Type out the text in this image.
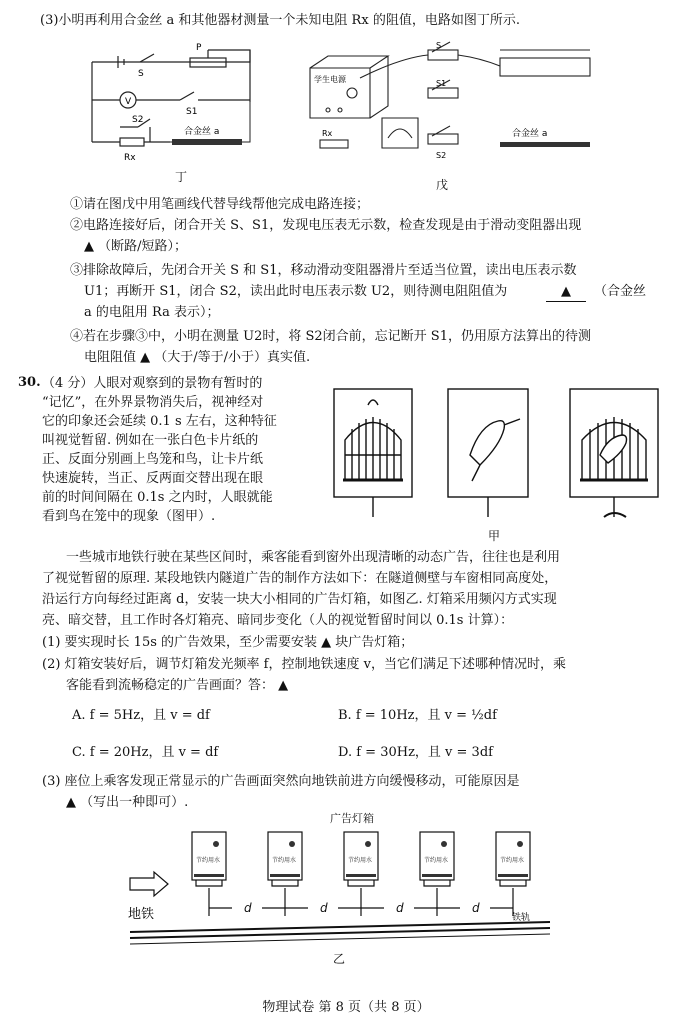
(3)小明再利用合金丝 a 和其他器材测量一个未知电阻 Rx 的阻值，电路如图丁所示.
P
S
V
S1
S2
Rx
合金丝 a
丁
学生电源
S
S1
S2
Rx	合金丝 a
戊
①请在图戊中用笔画线代替导线帮他完成电路连接；
②电路连接好后，闭合开关 S、S1，发现电压表无示数，检查发现是由于滑动变阻器出现
▲ （断路/短路）；
③排除故障后，先闭合开关 S 和 S1，移动滑动变阻器滑片至适当位置，读出电压表示数
U1；再断开 S1，闭合 S2，读出此时电压表示数 U2，则待测电阻阻值为	▲	（合金丝
a 的电阻用 Ra 表示）；
④若在步骤③中，小明在测量 U2时，将 S2闭合前，忘记断开 S1，仍用原方法算出的待测
电阻阻值 ▲ （大于/等于/小于）真实值.
30. （4 分）人眼对观察到的景物有暂时的
“记忆”，在外界景物消失后，视神经对
它的印象还会延续 0.1 s 左右，这种特征
叫视觉暂留. 例如在一张白色卡片纸的
正、反面分别画上鸟笼和鸟，让卡片纸
快速旋转，当正、反两面交替出现在眼
前的时间间隔在 0.1s 之内时，人眼就能
看到鸟在笼中的现象（图甲）.
甲
一些城市地铁行驶在某些区间时，乘客能看到窗外出现清晰的动态广告，往往也是利用
了视觉暂留的原理. 某段地铁内隧道广告的制作方法如下：在隧道侧壁与车窗相同高度处，
沿运行方向每经过距离 d，安装一块大小相同的广告灯箱，如图乙. 灯箱采用频闪方式实现
亮、暗交替，且工作时各灯箱亮、暗同步变化（人的视觉暂留时间以 0.1s 计算）：
(1) 要实现时长 15s 的广告效果，至少需要安装 ▲ 块广告灯箱；
(2) 灯箱安装好后，调节灯箱发光频率 f，控制地铁速度 v，当它们满足下述哪种情况时，乘
客能看到流畅稳定的广告画面？答： ▲
A. f = 5Hz，且 v = df	B. f = 10Hz，且 v = ½df
C. f = 20Hz，且 v = df	D. f = 30Hz，且 v = 3df
(3) 座位上乘客发现正常显示的广告画面突然向地铁前进方向缓慢移动，可能原因是
▲ （写出一种即可）.
广告灯箱
节约用水	节约用水	节约用水	节约用水	节约用水
d	d	d	d
地铁	铁轨
乙
物理试卷 第 8 页（共 8 页）
